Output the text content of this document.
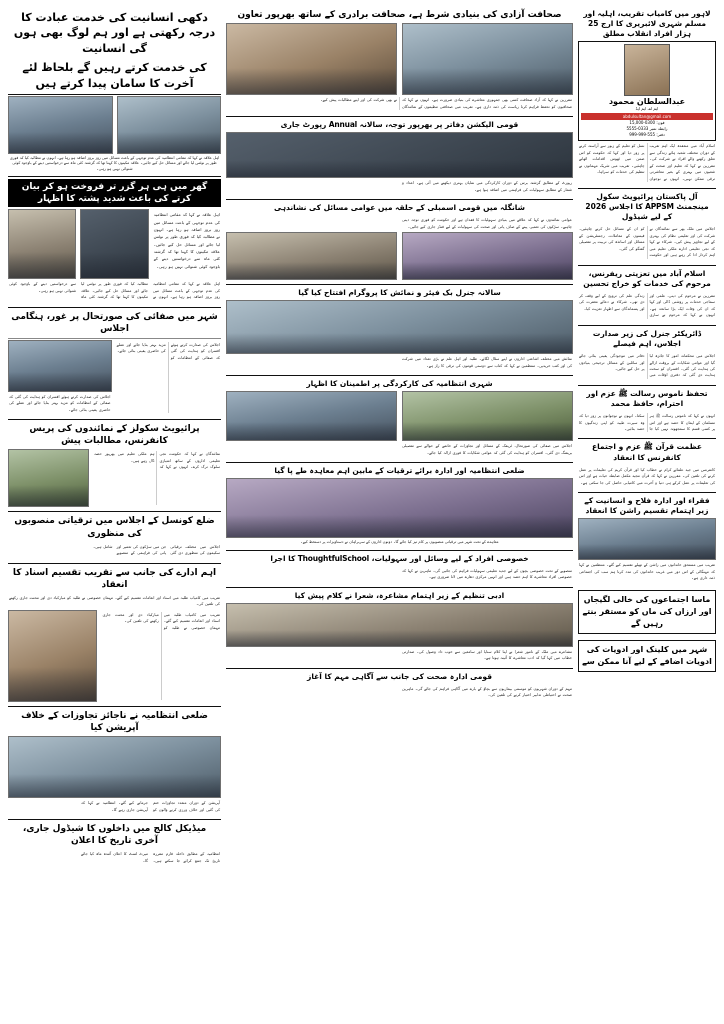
دکھی انسانیت کی خدمت عبادت کا درجہ رکھتی ہے اور ہم لوگ بھی ہوں گی انسانیت
کی خدمت کرتے رہیں گے بلحاظ لئے آخرت کا سامان پیدا کرتے ہیں
اہل علاقہ نے کہا کہ مقامی انتظامیہ کی عدم توجہی کے باعث مسائل میں روز بروز اضافہ ہو رہا ہے۔ انہوں نے مطالبہ کیا کہ فوری طور پر نوٹس لیا جائے اور مسائل حل کیے جائیں۔ علاقہ مکینوں کا کہنا تھا کہ گزشتہ کئی ماہ سے درخواستیں دینے کے باوجود کوئی شنوائی نہیں ہو رہی۔
گھر میں ہی ہر گزر تر فروخت ہو کر بیان کرتے کی باعث شدید پشتہ کا اظہار
اہل علاقہ نے کہا کہ مقامی انتظامیہ کی عدم توجہی کے باعث مسائل میں روز بروز اضافہ ہو رہا ہے۔ انہوں نے مطالبہ کیا کہ فوری طور پر نوٹس لیا جائے اور مسائل حل کیے جائیں۔ علاقہ مکینوں کا کہنا تھا کہ گزشتہ کئی ماہ سے درخواستیں دینے کے باوجود کوئی شنوائی نہیں ہو رہی۔
اہل علاقہ نے کہا کہ مقامی انتظامیہ کی عدم توجہی کے باعث مسائل میں روز بروز اضافہ ہو رہا ہے۔ انہوں نے مطالبہ کیا کہ فوری طور پر نوٹس لیا جائے اور مسائل حل کیے جائیں۔ علاقہ مکینوں کا کہنا تھا کہ گزشتہ کئی ماہ سے درخواستیں دینے کے باوجود کوئی شنوائی نہیں ہو رہی۔
شہر میں صفائی کی صورتحال پر غور، ہنگامی اجلاس
اجلاس کی صدارت کرتے ہوئے افسران کو ہدایت کی گئی کہ صفائی کے انتظامات کو مزید بہتر بنایا جائے اور عملے کی حاضری یقینی بنائی جائے۔
اجلاس کی صدارت کرتے ہوئے افسران کو ہدایت کی گئی کہ صفائی کے انتظامات کو مزید بہتر بنایا جائے اور عملے کی حاضری یقینی بنائی جائے۔
پرائیویٹ سکولز کے نمائندوں کی پریس کانفرنس، مطالبات پیش
نمائندگان نے کہا کہ حکومت نجی تعلیمی اداروں کے ساتھ امتیازی سلوک ترک کرے۔ انہوں نے کہا کہ ہم ملکی تعلیم میں بھرپور حصہ ڈال رہے ہیں۔
ضلع کونسل کے اجلاس میں ترقیاتی منصوبوں کی منظوری
اجلاس میں مختلف ترقیاتی سکیموں کی منظوری دی گئی جن میں سڑکوں کی تعمیر اور پانی کی فراہمی کے منصوبے شامل ہیں۔
اہم ادارے کی جانب سے تقریب تقسیم اسناد کا انعقاد
تقریب میں کامیاب طلبہ میں اسناد اور انعامات تقسیم کیے گئے۔ مہمان خصوصی نے طلبہ کو مبارکباد دی اور محنت جاری رکھنے کی تلقین کی۔
تقریب میں کامیاب طلبہ میں اسناد اور انعامات تقسیم کیے گئے۔ مہمان خصوصی نے طلبہ کو مبارکباد دی اور محنت جاری رکھنے کی تلقین کی۔
ضلعی انتظامیہ نے ناجائز تجاوزات کے خلاف آپریشن کیا
آپریشن کے دوران متعدد تجاوزات ختم کی گئیں اور خلاف ورزی کرنے والوں کو جرمانے کیے گئے۔ انتظامیہ نے کہا کہ آپریشن جاری رہے گا۔
میڈیکل کالج میں داخلوں کا شیڈول جاری، آخری تاریخ کا اعلان
انتظامیہ کے مطابق داخلہ فارم مقررہ تاریخ تک جمع کرائے جا سکتے ہیں۔ میرٹ لسٹ کا اعلان آئندہ ماہ کیا جائے گا۔
صحافت آزادی کی بنیادی شرط ہے، صحافت برادری کے ساتھ بھرپور تعاون
مقررین نے کہا کہ آزاد صحافت کسی بھی جمہوری معاشرے کی بنیادی ضرورت ہے۔ انہوں نے کہا کہ صحافیوں کو تحفظ فراہم کرنا ریاست کی ذمہ داری ہے۔ تقریب میں صحافتی تنظیموں کے نمائندگان نے بھی شرکت کی اور اپنے مطالبات پیش کیے۔
قومی الیکشن دفاتر پر بھرپور توجہ، سالانہ Annual رپورٹ جاری
رپورٹ کے مطابق گزشتہ برس کے دوران کارکردگی میں نمایاں بہتری دیکھنے میں آئی ہے۔ اعداد و شمار کے مطابق سہولیات کی فراہمی میں اضافہ ہوا ہے۔
شانگلہ میں قومی اسمبلی کے حلقہ میں عوامی مسائل کی نشاندہی
عوامی نمائندوں نے کہا کہ علاقے میں بنیادی سہولیات کا فقدان ہے اور حکومت کو فوری توجہ دینی چاہیے۔ سڑکوں کی تعمیر، پینے کے صاف پانی اور صحت کی سہولیات کے لیے فنڈز جاری کیے جائیں۔
سالانہ جنرل بک فیئر و نمائش کا پروگرام افتتاح کیا گیا
نمائش میں مختلف اشاعتی اداروں نے اپنے سٹال لگائے۔ طلبہ اور اہل علم نے بڑی تعداد میں شرکت کی اور کتب خریدیں۔ منتظمین نے کہا کہ کتاب سے دوستی قوموں کی ترقی کا راز ہے۔
شہری انتظامیہ کی کارکردگی پر اطمینان کا اظہار
اجلاس میں صفائی کی صورتحال، ٹریفک کے مسائل اور تجاوزات کے خاتمے کے حوالے سے تفصیلی بریفنگ دی گئی۔ افسران کو ہدایت کی گئی کہ عوامی شکایات کا فوری ازالہ کیا جائے۔
ضلعی انتظامیہ اور ادارہ برائے ترقیات کے مابین اہم معاہدہ طے پا گیا
معاہدے کے تحت شہر میں ترقیاتی منصوبوں پر کام تیز کیا جائے گا۔ دونوں اداروں کے سربراہان نے دستاویزات پر دستخط کیے۔
خصوصی افراد کے لیے وسائل اور سہولیات، ThoughtfulSchool کا اجرا
منصوبے کے تحت خصوصی بچوں کے لیے جدید تعلیمی سہولیات فراہم کی جائیں گی۔ ماہرین نے کہا کہ خصوصی افراد معاشرے کا اہم حصہ ہیں اور انہیں مرکزی دھارے میں لانا ضروری ہے۔
ادبی تنظیم کے زیر اہتمام مشاعرہ، شعرا نے کلام پیش کیا
مشاعرے میں ملک کے نامور شعرا نے اپنا کلام سنایا اور سامعین سے خوب داد وصول کی۔ صدارتی خطاب میں کہا گیا کہ ادب معاشرے کا آئینہ ہوتا ہے۔
قومی ادارہ صحت کی جانب سے آگاہی مہم کا آغاز
مہم کے دوران شہریوں کو موسمی بیماریوں سے بچاؤ کے بارے میں آگاہی فراہم کی جائے گی۔ ماہرین صحت نے احتیاطی تدابیر اختیار کرنے کی تلقین کی۔
لاہور میں کامیاب تقریب، اہلیہ اور مسلم شہری لائبریری کا ارج 25 ہزار افراد انقلاب مطلق
عبدالسلطان محمود
ایم اے، ایم ایڈ
abdulsultan@gmail.com
فون: 0300-15,000
رابطہ نمبر 0333-5555
دفتر: 555-999-999
اسلام آباد میں منعقدہ ایک اہم تقریب کے دوران مختلف شعبہ ہائے زندگی سے تعلق رکھنے والے افراد نے شرکت کی۔ مقررین نے کہا کہ تعلیم اور صحت کے شعبوں میں بہتری کے بغیر معاشرتی ترقی ممکن نہیں۔ انہوں نے نوجوان نسل کو تعلیم کے زیور سے آراستہ کرنے پر زور دیا اور کہا کہ حکومت کو اس ضمن میں ٹھوس اقدامات اٹھانے چاہئیں۔ تقریب میں شریک مہمانوں نے تنظیم کی خدمات کو سراہا۔
آل پاکستان پرائیویٹ سکول مینجمنٹ APPSM کا اجلاس 2026 کے لیے شیڈول
اجلاس میں ملک بھر سے نمائندگان نے شرکت کی اور تعلیمی نظام کی بہتری کے لیے تجاویز پیش کیں۔ شرکاء نے کہا کہ نجی تعلیمی ادارے ملکی تعلیم میں اہم کردار ادا کر رہے ہیں اور حکومت کو ان کے مسائل حل کرنے چاہئیں۔ فیسوں کے معاملات، رجسٹریشن کے مسائل اور اساتذہ کی تربیت پر تفصیلی گفتگو کی گئی۔
اسلام آباد میں تعزیتی ریفرنس، مرحوم کی خدمات کو خراج تحسین
مقررین نے مرحوم کی دینی، علمی اور سماجی خدمات پر روشنی ڈالی اور کہا کہ ان کی وفات ایک بڑا سانحہ ہے۔ انہوں نے کہا کہ مرحوم نے ساری زندگی علم کی ترویج کے لیے وقف کر دی تھی۔ شرکاء نے دعائے مغفرت کی اور پسماندگان سے اظہار تعزیت کیا۔
ڈائریکٹر جنرل کی زیر صدارت اجلاس، اہم فیصلے
اجلاس میں محکمانہ امور کا جائزہ لیا گیا اور عوامی شکایات کے بروقت ازالے کی ہدایت کی گئی۔ افسران کو سخت ہدایت دی گئی کہ دفتری اوقات میں دفاتر میں موجودگی یقینی بنائی جائے اور سائلین کے مسائل ترجیحی بنیادوں پر حل کیے جائیں۔
تحفظ ناموس رسالت ﷺ عزم اور احترام، حافظ محمد
انہوں نے کہا کہ ناموس رسالت ﷺ ہر مسلمان کے ایمان کا حصہ ہے اور اس پر کسی قسم کا سمجھوتہ نہیں کیا جا سکتا۔ انہوں نے نوجوانوں پر زور دیا کہ وہ سیرت طیبہ کو اپنی زندگیوں کا حصہ بنائیں۔
عظمت قرآن ﷺ عزم و اجتماع کانفرنس کا انعقاد
کانفرنس میں جید علمائے کرام نے خطاب کیا اور قرآن کریم کی تعلیمات پر عمل کرنے کی تلقین کی۔ مقررین نے کہا کہ قرآن مجید مکمل ضابطہ حیات ہے اور اس کی تعلیمات پر عمل کرکے ہی دنیا و آخرت میں کامیابی حاصل کی جا سکتی ہے۔
فقراء اور ادارہ فلاح و انسانیت کے زیر اہتمام تقسیم راشن کا انعقاد
تقریب میں مستحق خاندانوں میں راشن کے تھیلے تقسیم کیے گئے۔ منتظمین نے کہا کہ مہنگائی کے اس دور میں غریب خاندانوں کی مدد کرنا ہم سب کی اجتماعی ذمہ داری ہے۔
ماسا اجتماعوں کی خالی لگیجاں اور ارزاں کی ماں کو مستقر بنتے رہیں گے
شہر میں کلینک اور ادویات کی ادویات اضافے کے لیے آنا ممکن سے
